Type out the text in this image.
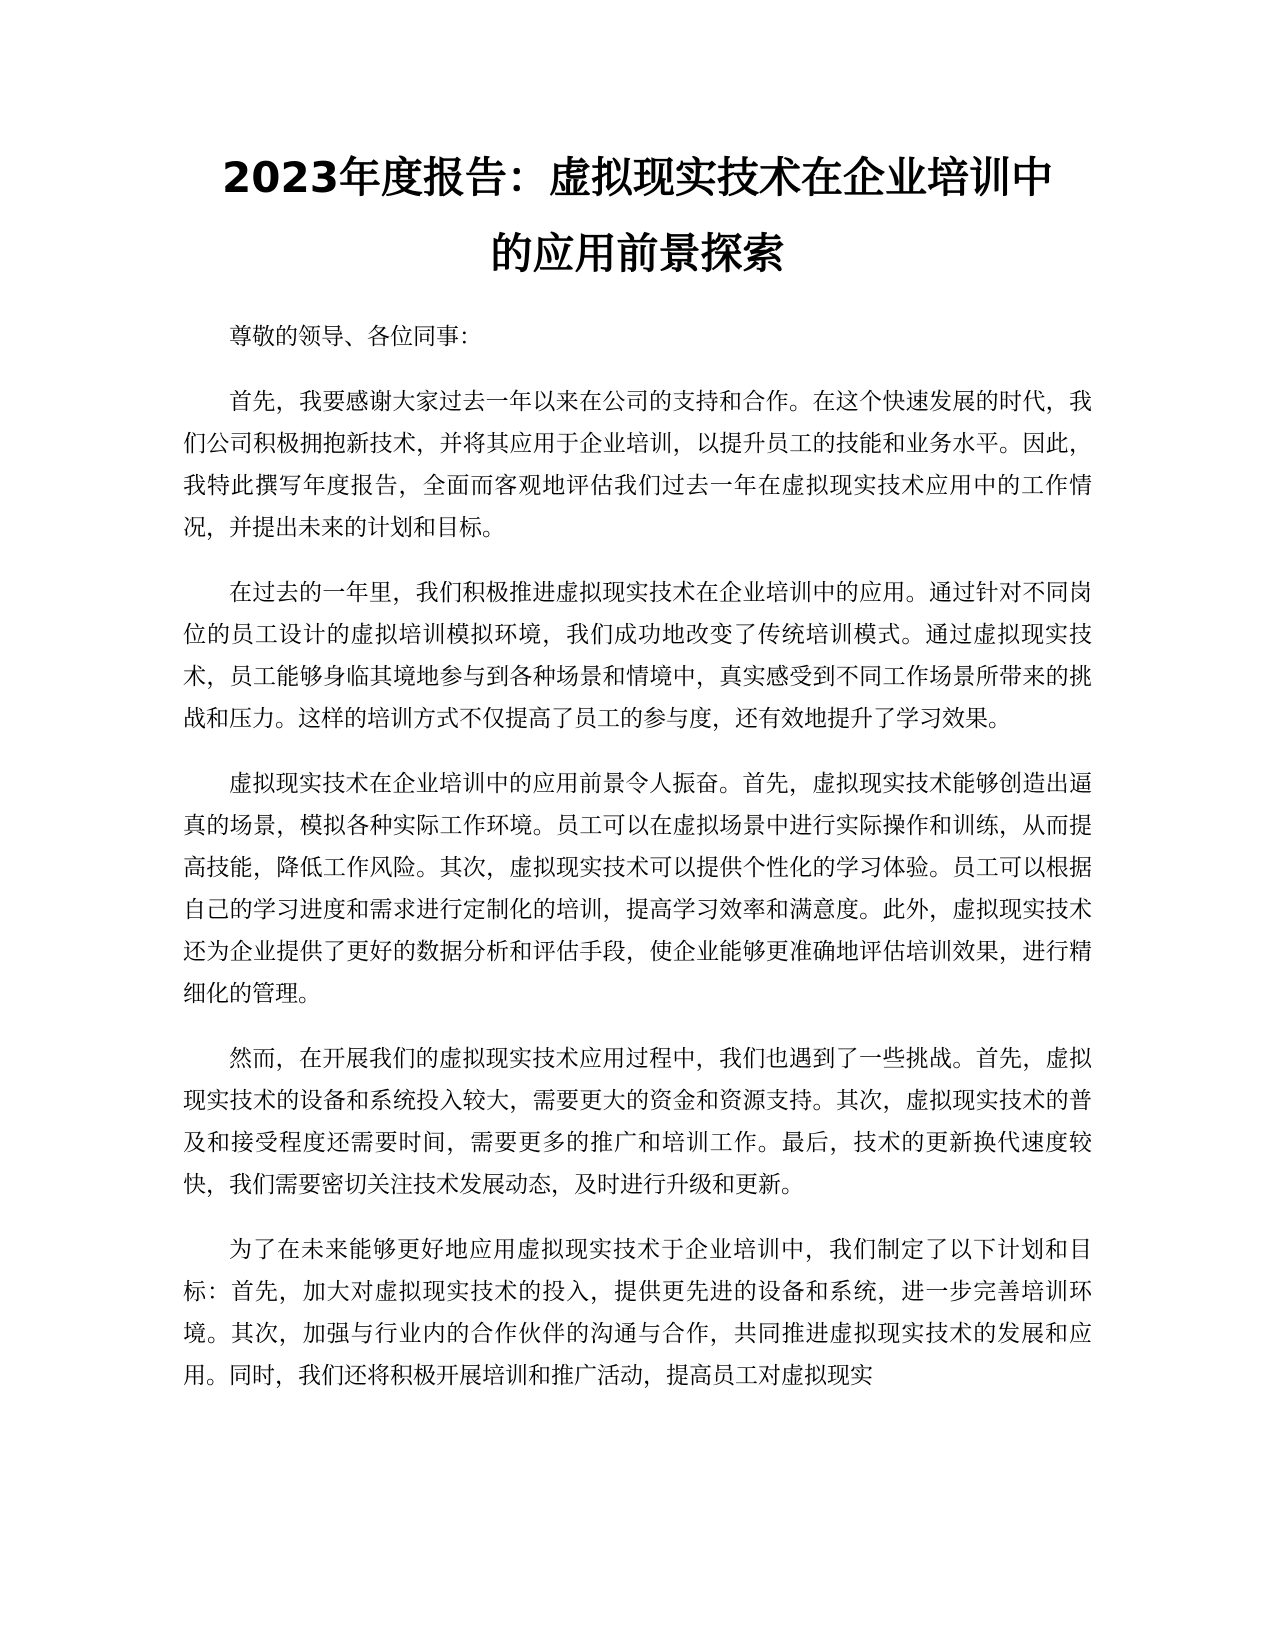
2023年度报告：虚拟现实技术在企业培训中
的应用前景探索

尊敬的领导、各位同事：

首先，我要感谢大家过去一年以来在公司的支持和合作。在这个快速发展的时代，我们公司积极拥抱新技术，并将其应用于企业培训，以提升员工的技能和业务水平。因此，我特此撰写年度报告，全面而客观地评估我们过去一年在虚拟现实技术应用中的工作情况，并提出未来的计划和目标。

在过去的一年里，我们积极推进虚拟现实技术在企业培训中的应用。通过针对不同岗位的员工设计的虚拟培训模拟环境，我们成功地改变了传统培训模式。通过虚拟现实技术，员工能够身临其境地参与到各种场景和情境中，真实感受到不同工作场景所带来的挑战和压力。这样的培训方式不仅提高了员工的参与度，还有效地提升了学习效果。

虚拟现实技术在企业培训中的应用前景令人振奋。首先，虚拟现实技术能够创造出逼真的场景，模拟各种实际工作环境。员工可以在虚拟场景中进行实际操作和训练，从而提高技能，降低工作风险。其次，虚拟现实技术可以提供个性化的学习体验。员工可以根据自己的学习进度和需求进行定制化的培训，提高学习效率和满意度。此外，虚拟现实技术还为企业提供了更好的数据分析和评估手段，使企业能够更准确地评估培训效果，进行精细化的管理。

然而，在开展我们的虚拟现实技术应用过程中，我们也遇到了一些挑战。首先，虚拟现实技术的设备和系统投入较大，需要更大的资金和资源支持。其次，虚拟现实技术的普及和接受程度还需要时间，需要更多的推广和培训工作。最后，技术的更新换代速度较快，我们需要密切关注技术发展动态，及时进行升级和更新。

为了在未来能够更好地应用虚拟现实技术于企业培训中，我们制定了以下计划和目标：首先，加大对虚拟现实技术的投入，提供更先进的设备和系统，进一步完善培训环境。其次，加强与行业内的合作伙伴的沟通与合作，共同推进虚拟现实技术的发展和应用。同时，我们还将积极开展培训和推广活动，提高员工对虚拟现实
